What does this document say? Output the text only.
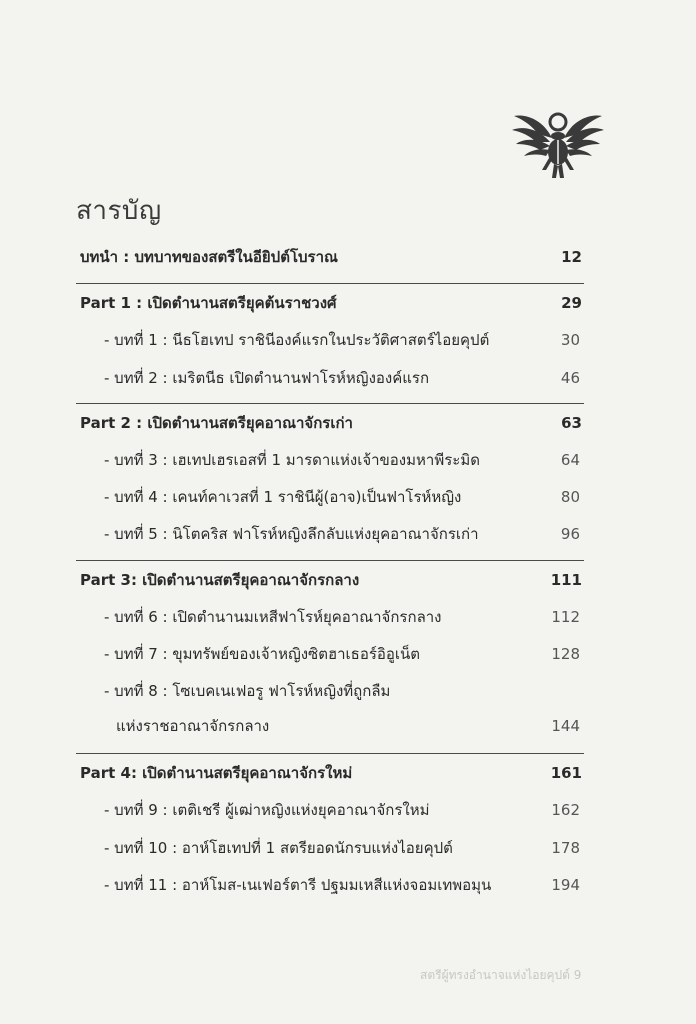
สารบัญ
บทนำ : บทบาทของสตรีในอียิปต์โบราณ	12
Part 1 : เปิดตำนานสตรียุคต้นราชวงศ์	29
- บทที่ 1 : นีธโฮเทป ราชินีองค์แรกในประวัติศาสตร์ไอยคุปต์	30
- บทที่ 2 : เมริตนีธ เปิดตำนานฟาโรห์หญิงองค์แรก	46
Part 2 : เปิดตำนานสตรียุคอาณาจักรเก่า	63
- บทที่ 3 : เฮเทปเฮรเอสที่ 1 มารดาแห่งเจ้าของมหาพีระมิด	64
- บทที่ 4 : เคนท์คาเวสที่ 1 ราชินีผู้(อาจ)เป็นฟาโรห์หญิง	80
- บทที่ 5 : นิโตคริส ฟาโรห์หญิงลึกลับแห่งยุคอาณาจักรเก่า	96
Part 3: เปิดตำนานสตรียุคอาณาจักรกลาง	111
- บทที่ 6 : เปิดตำนานมเหสีฟาโรห์ยุคอาณาจักรกลาง	112
- บทที่ 7 : ขุมทรัพย์ของเจ้าหญิงซิตฮาเธอร์อิอูเน็ต	128
- บทที่ 8 : โซเบคเนเฟอรู ฟาโรห์หญิงที่ถูกลืม
แห่งราชอาณาจักรกลาง	144
Part 4: เปิดตำนานสตรียุคอาณาจักรใหม่	161
- บทที่ 9 : เตติเชรี ผู้เฒ่าหญิงแห่งยุคอาณาจักรใหม่	162
- บทที่ 10 : อาห์โฮเทปที่ 1 สตรียอดนักรบแห่งไอยคุปต์	178
- บทที่ 11 : อาห์โมส-เนเฟอร์ตารี ปฐมมเหสีแห่งจอมเทพอมุน	194
สตรีผู้ทรงอำนาจแห่งไอยคุปต์ 9
